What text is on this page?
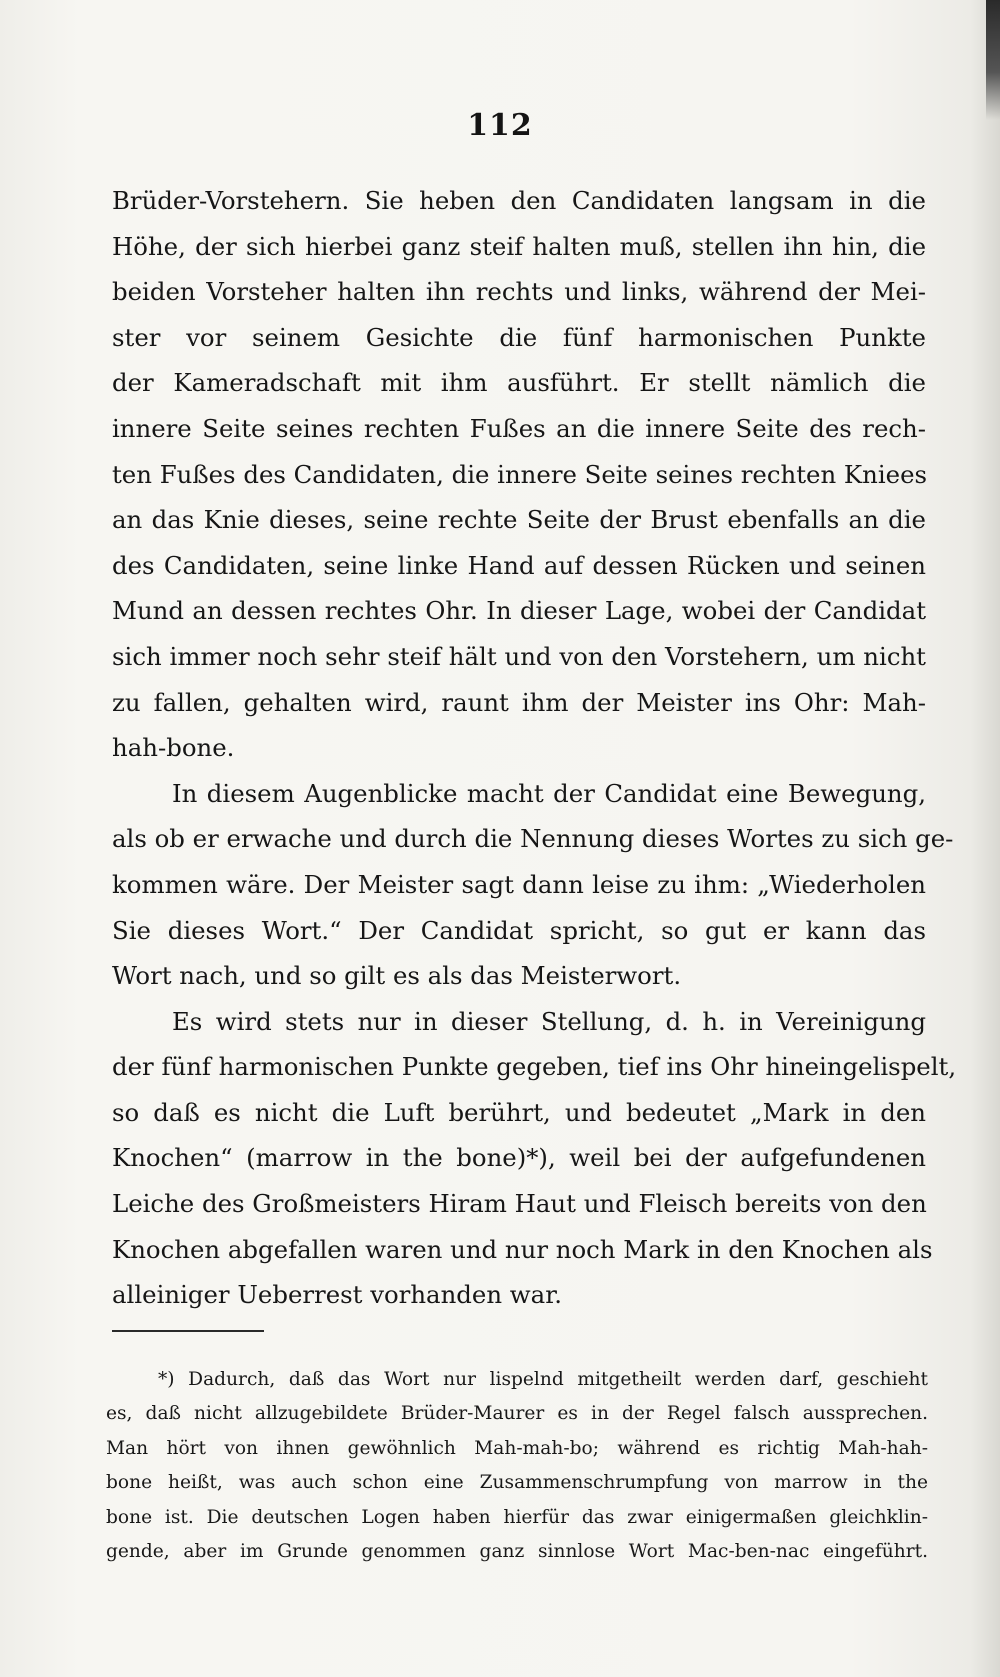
112
Brüder-Vorstehern. Sie heben den Candidaten langsam in die
Höhe, der sich hierbei ganz steif halten muß, stellen ihn hin, die
beiden Vorsteher halten ihn rechts und links, während der Mei-
ster vor seinem Gesichte die fünf harmonischen Punkte
der Kameradschaft mit ihm ausführt. Er stellt nämlich die
innere Seite seines rechten Fußes an die innere Seite des rech-
ten Fußes des Candidaten, die innere Seite seines rechten Kniees
an das Knie dieses, seine rechte Seite der Brust ebenfalls an die
des Candidaten, seine linke Hand auf dessen Rücken und seinen
Mund an dessen rechtes Ohr. In dieser Lage, wobei der Candidat
sich immer noch sehr steif hält und von den Vorstehern, um nicht
zu fallen, gehalten wird, raunt ihm der Meister ins Ohr: Mah-
hah-bone.
In diesem Augenblicke macht der Candidat eine Bewegung,
als ob er erwache und durch die Nennung dieses Wortes zu sich ge-
kommen wäre. Der Meister sagt dann leise zu ihm: „Wiederholen
Sie dieses Wort.“ Der Candidat spricht, so gut er kann das
Wort nach, und so gilt es als das Meisterwort.
Es wird stets nur in dieser Stellung, d. h. in Vereinigung
der fünf harmonischen Punkte gegeben, tief ins Ohr hineingelispelt,
so daß es nicht die Luft berührt, und bedeutet „Mark in den
Knochen“ (marrow in the bone)*), weil bei der aufgefundenen
Leiche des Großmeisters Hiram Haut und Fleisch bereits von den
Knochen abgefallen waren und nur noch Mark in den Knochen als
alleiniger Ueberrest vorhanden war.
*) Dadurch, daß das Wort nur lispelnd mitgetheilt werden darf, geschieht
es, daß nicht allzugebildete Brüder-Maurer es in der Regel falsch aussprechen.
Man hört von ihnen gewöhnlich Mah-mah-bo; während es richtig Mah-hah-
bone heißt, was auch schon eine Zusammenschrumpfung von marrow in the
bone ist. Die deutschen Logen haben hierfür das zwar einigermaßen gleichklin-
gende, aber im Grunde genommen ganz sinnlose Wort Mac-ben-nac eingeführt.
